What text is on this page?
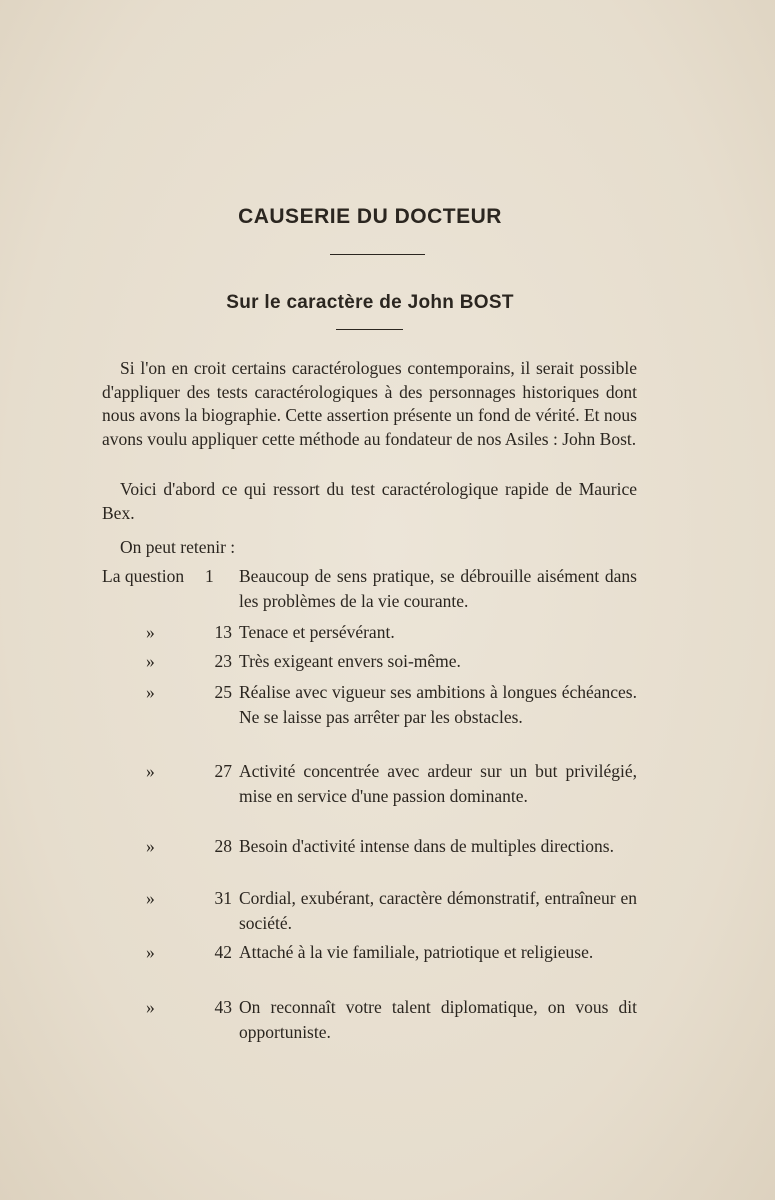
CAUSERIE DU DOCTEUR
Sur le caractère de John BOST
Si l'on en croit certains caractérologues contemporains, il serait possible d'appliquer des tests caractérologiques à des personnages historiques dont nous avons la biographie. Cette assertion présente un fond de vérité. Et nous avons voulu appliquer cette méthode au fondateur de nos Asiles : John Bost.
Voici d'abord ce qui ressort du test caractérologique rapide de Maurice Bex.
On peut retenir :
La question	1	Beaucoup de sens pratique, se débrouille aisément dans les problèmes de la vie courante.
»	13 Tenace et persévérant.
»	23 Très exigeant envers soi-même.
»	25 Réalise avec vigueur ses ambitions à longues échéances. Ne se laisse pas arrêter par les obstacles.
»	27 Activité concentrée avec ardeur sur un but privilégié, mise en service d'une passion dominante.
»	28 Besoin d'activité intense dans de multiples directions.
»	31 Cordial, exubérant, caractère démonstratif, entraîneur en société.
»	42 Attaché à la vie familiale, patriotique et religieuse.
»	43 On reconnaît votre talent diplomatique, on vous dit opportuniste.
